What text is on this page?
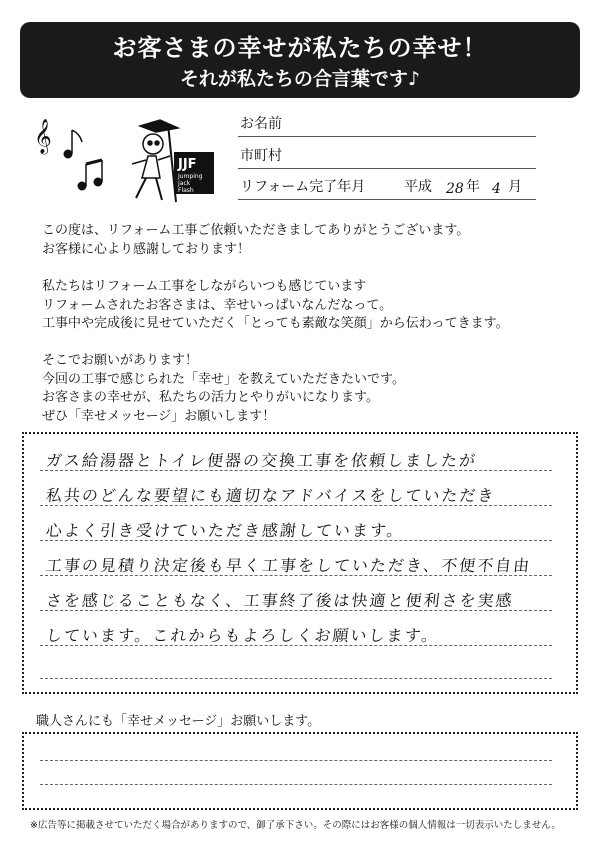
お客さまの幸せが私たちの幸せ！
それが私たちの合言葉です♪
𝄞
JJF
Jumping
Jack
Flash
お名前
市町村
リフォーム完了年月	平成 28 年 4 月
この度は、リフォーム工事ご依頼いただきましてありがとうございます。
お客様に心より感謝しております！
私たちはリフォーム工事をしながらいつも感じています
リフォームされたお客さまは、幸せいっぱいなんだなって。
工事中や完成後に見せていただく「とっても素敵な笑顔」から伝わってきます。
そこでお願いがあります！
今回の工事で感じられた「幸せ」を教えていただきたいです。
お客さまの幸せが、私たちの活力とやりがいになります。
ぜひ「幸せメッセージ」お願いします！
ガス給湯器とトイレ便器の交換工事を依頼しましたが
私共のどんな要望にも適切なアドバイスをしていただき
心よく引き受けていただき感謝しています。
工事の見積り決定後も早く工事をしていただき、不便不自由
さを感じることもなく、工事終了後は快適と便利さを実感
しています。これからもよろしくお願いします。
職人さんにも「幸せメッセージ」お願いします。
※広告等に掲載させていただく場合がありますので、御了承下さい。その際にはお客様の個人情報は一切表示いたしません。
